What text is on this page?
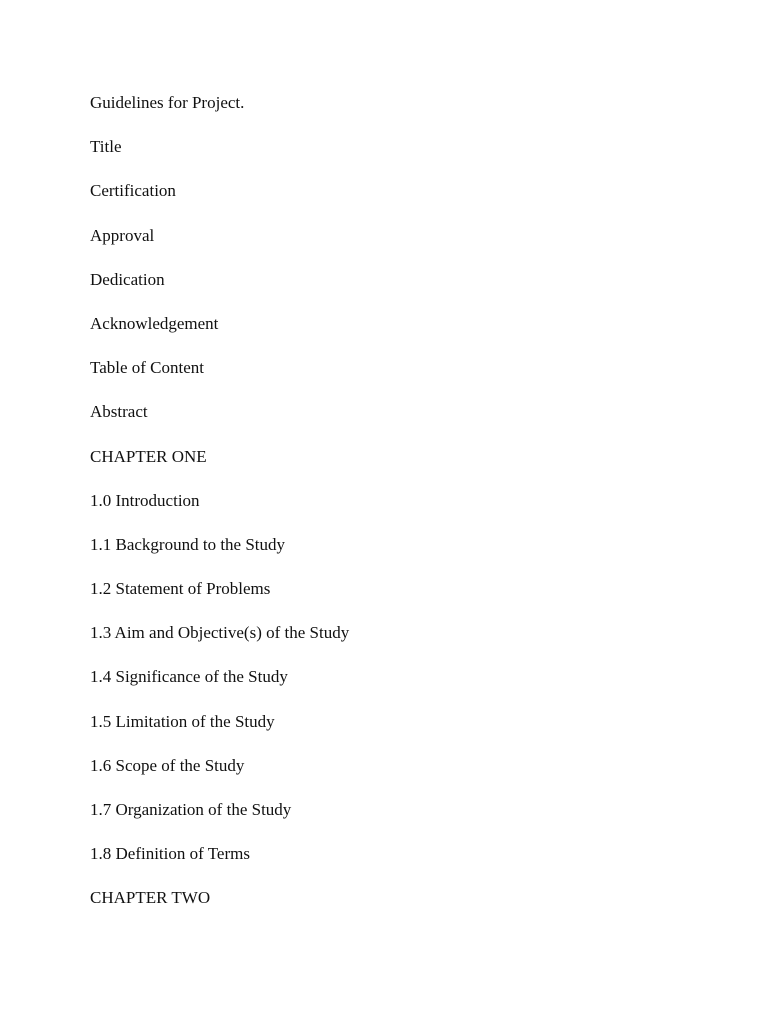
Guidelines for Project.
Title
Certification
Approval
Dedication
Acknowledgement
Table of Content
Abstract
CHAPTER ONE
1.0 Introduction
1.1 Background to the Study
1.2 Statement of Problems
1.3 Aim and Objective(s) of the Study
1.4 Significance of the Study
1.5 Limitation of the Study
1.6 Scope of the Study
1.7 Organization of the Study
1.8 Definition of Terms
CHAPTER TWO
